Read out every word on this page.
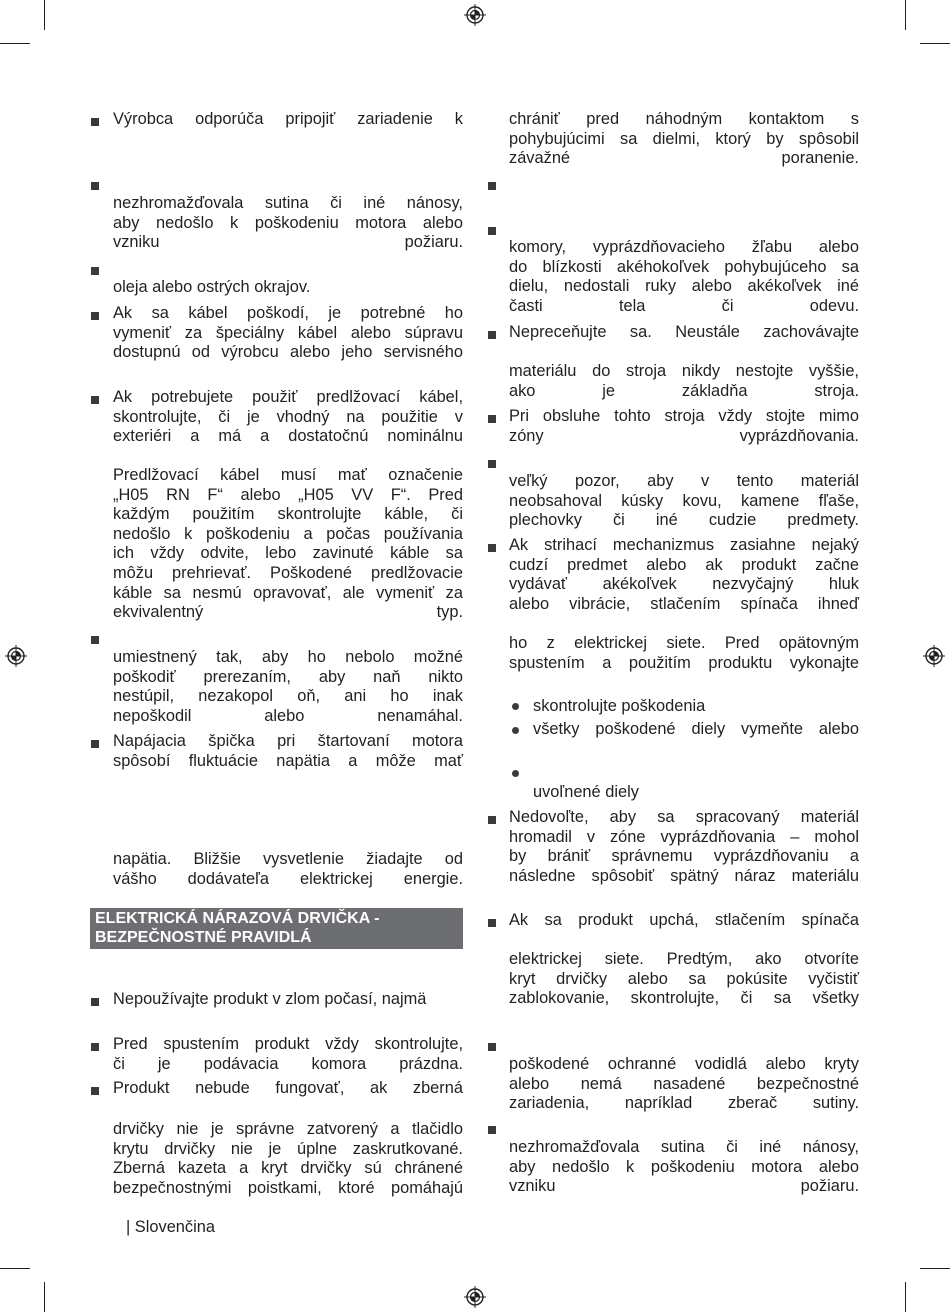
Výrobca odporúča pripojiť zariadenie k
nezhromažďovala sutina či iné nánosy,
aby nedošlo k poškodeniu motora alebo
vzniku požiaru.
oleja alebo ostrých okrajov.
Ak sa kábel poškodí, je potrebné ho
vymeniť za špeciálny kábel alebo súpravu
dostupnú od výrobcu alebo jeho servisného
Ak potrebujete použiť predlžovací kábel,
skontrolujte, či je vhodný na použitie v
exteriéri a má a dostatočnú nominálnu
Predlžovací kábel musí mať označenie
„H05 RN F“ alebo „H05 VV F“. Pred
každým použitím skontrolujte káble, či
nedošlo k poškodeniu a počas používania
ich vždy odvite, lebo zavinuté káble sa
môžu prehrievať. Poškodené predlžovacie
káble sa nesmú opravovať, ale vymeniť za
ekvivalentný typ.
umiestnený tak, aby ho nebolo možné
poškodiť prerezaním, aby naň nikto
nestúpil, nezakopol oň, ani ho inak
nepoškodil alebo nenamáhal.
Napájacia špička pri štartovaní motora
spôsobí fluktuácie napätia a môže mať
napätia. Bližšie vysvetlenie žiadajte od
vášho dodávateľa elektrickej energie.
ELEKTRICKÁ NÁRAZOVÁ DRVIČKA -
BEZPEČNOSTNÉ PRAVIDLÁ
Nepoužívajte produkt v zlom počasí, najmä
Pred spustením produkt vždy skontrolujte,
či je podávacia komora prázdna.
Produkt nebude fungovať, ak zberná
drvičky nie je správne zatvorený a tlačidlo
krytu drvičky nie je úplne zaskrutkované.
Zberná kazeta a kryt drvičky sú chránené
bezpečnostnými poistkami, ktoré pomáhajú
| Slovenčina
chrániť pred náhodným kontaktom s
pohybujúcimi sa dielmi, ktorý by spôsobil
závažné poranenie.
komory, vyprázdňovacieho žľabu alebo
do blízkosti akéhokoľvek pohybujúceho sa
dielu, nedostali ruky alebo akékoľvek iné
časti tela či odevu.
Nepreceňujte sa. Neustále zachovávajte
materiálu do stroja nikdy nestojte vyššie,
ako je základňa stroja.
Pri obsluhe tohto stroja vždy stojte mimo
zóny vyprázdňovania.
veľký pozor, aby v tento materiál
neobsahoval kúsky kovu, kamene fľaše,
plechovky či iné cudzie predmety.
Ak strihací mechanizmus zasiahne nejaký
cudzí predmet alebo ak produkt začne
vydávať akékoľvek nezvyčajný hluk
alebo vibrácie, stlačením spínača ihneď
ho z elektrickej siete. Pred opätovným
spustením a použitím produktu vykonajte
skontrolujte poškodenia
všetky poškodené diely vymeňte alebo
uvoľnené diely
Nedovoľte, aby sa spracovaný materiál
hromadil v zóne vyprázdňovania – mohol
by brániť správnemu vyprázdňovaniu a
následne spôsobiť spätný náraz materiálu
Ak sa produkt upchá, stlačením spínača
elektrickej siete. Predtým, ako otvoríte
kryt drvičky alebo sa pokúsite vyčistiť
zablokovanie, skontrolujte, či sa všetky
poškodené ochranné vodidlá alebo kryty
alebo nemá nasadené bezpečnostné
zariadenia, napríklad zberač sutiny.
nezhromažďovala sutina či iné nánosy,
aby nedošlo k poškodeniu motora alebo
vzniku požiaru.
